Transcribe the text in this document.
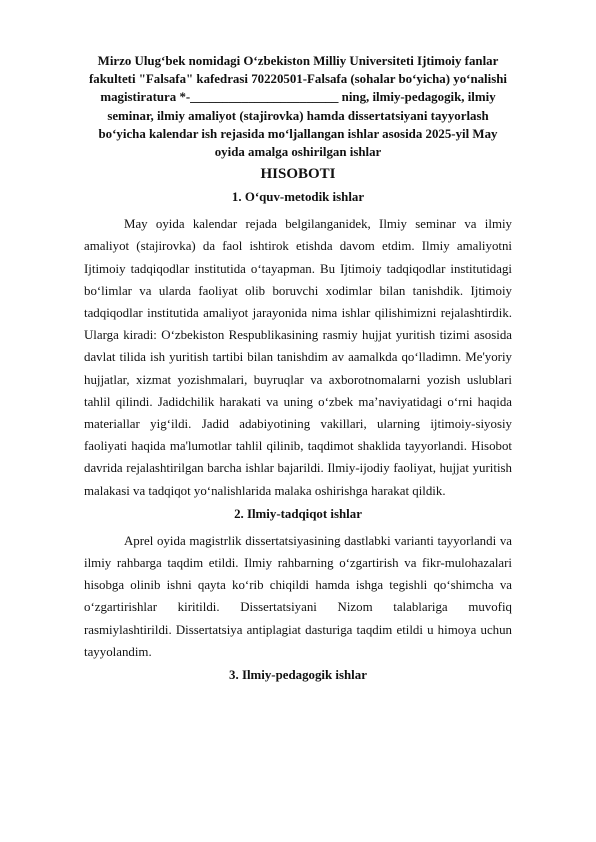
Mirzo Ulug‘bek nomidagi O‘zbekiston Milliy Universiteti Ijtimoiy fanlar fakulteti "Falsafa" kafedrasi 70220501-Falsafa (sohalar bo‘yicha) yo‘nalishi magistiratura *-_______________________ ning, ilmiy-pedagogik, ilmiy seminar, ilmiy amaliyot (stajirovka) hamda dissertatsiyani tayyorlash bo‘yicha kalendar ish rejasida mo‘ljallangan ishlar asosida 2025-yil May oyida amalga oshirilgan ishlar

HISOBOTI
1. O‘quv-metodik ishlar

May oyida kalendar rejada belgilanganidek, Ilmiy seminar va ilmiy amaliyot (stajirovka) da faol ishtirok etishda davom etdim. Ilmiy amaliyotni Ijtimoiy tadqiqodlar institutida o‘tayapman. Bu Ijtimoiy tadqiqodlar institutidagi bo‘limlar va ularda faoliyat olib boruvchi xodimlar bilan tanishdik. Ijtimoiy tadqiqodlar institutida amaliyot jarayonida nima ishlar qilishimizni rejalashtirdik. Ularga kiradi: O‘zbekiston Respublikasining rasmiy hujjat yuritish tizimi asosida davlat tilida ish yuritish tartibi bilan tanishdim av aamalkda qo‘lladimn. Me'yoriy hujjatlar, xizmat yozishmalari, buyruqlar va axborotnomalarni yozish uslublari tahlil qilindi. Jadidchilik harakati va uning o‘zbek ma’naviyatidagi o‘rni haqida materiallar yig‘ildi. Jadid adabiyotining vakillari, ularning ijtimoiy-siyosiy faoliyati haqida ma'lumotlar tahlil qilinib, taqdimot shaklida tayyorlandi. Hisobot davrida rejalashtirilgan barcha ishlar bajarildi. Ilmiy-ijodiy faoliyat, hujjat yuritish malakasi va tadqiqot yo‘nalishlarida malaka oshirishga harakat qildik.

2. Ilmiy-tadqiqot ishlar

Aprel oyida magistrlik dissertatsiyasining dastlabki varianti tayyorlandi va ilmiy rahbarga taqdim etildi. Ilmiy rahbarning o‘zgartirish va fikr-mulohazalari hisobga olinib ishni qayta ko‘rib chiqildi hamda ishga tegishli qo‘shimcha va o‘zgartirishlar kiritildi. Dissertatsiyani Nizom talablariga muvofiq rasmiylashtirildi. Dissertatsiya antiplagiat dasturiga taqdim etildi u himoya uchun tayyolandim.

3. Ilmiy-pedagogik ishlar
